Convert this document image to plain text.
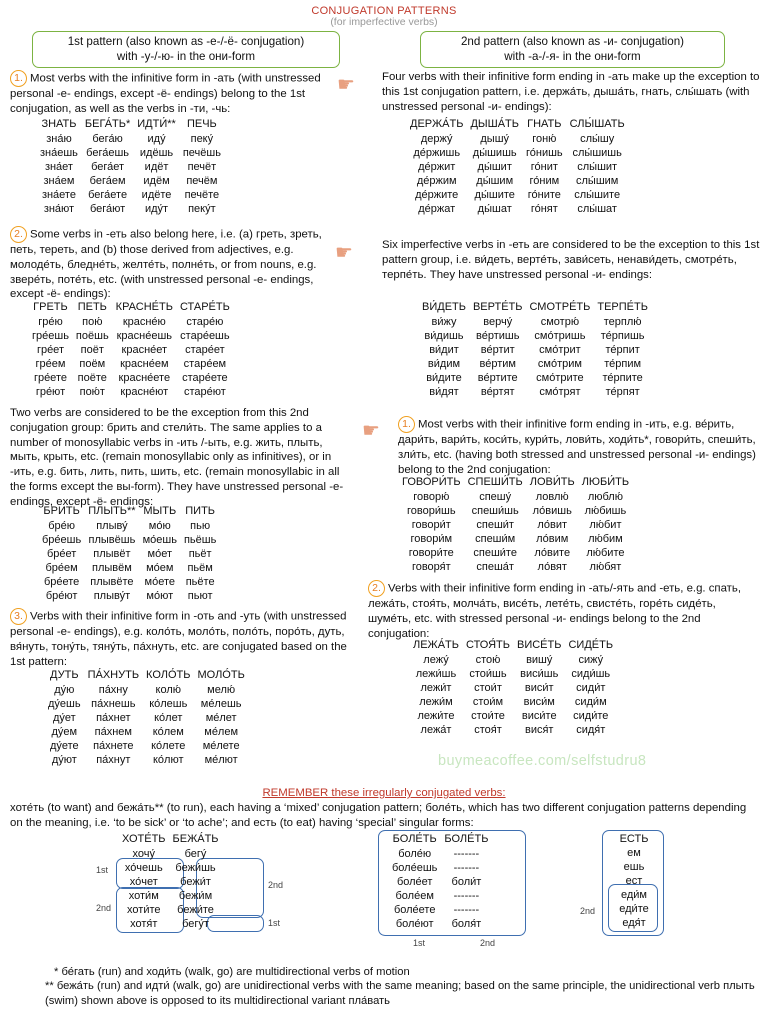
CONJUGATION PATTERNS
(for imperfective verbs)
1st pattern (also known as -е-/-ё- conjugation)
with -у-/-ю- in the они-form
2nd pattern (also known as -и- conjugation)
with -а-/-я- in the они-form
1. Most verbs with the infinitive form in -ать (with unstressed personal -е- endings, except -ё- endings) belong to the 1st conjugation, as well as the verbs in -ти, -чь:
☛
ЗНАТЬ	БЕГА́ТЬ*	ИДТИ́**	ПЕЧЬ
зна́ю	бега́ю	иду́	пеку́
зна́ешь	бега́ешь	идёшь	печёшь
зна́ет	бега́ет	идёт	печёт
зна́ем	бега́ем	идём	печём
зна́ете	бега́ете	идёте	печёте
зна́ют	бега́ют	иду́т	пеку́т
Four verbs with their infinitive form ending in -ать make up the exception to this 1st conjugation pattern, i.e. держа́ть, дыша́ть, гнать, слы́шать (with unstressed personal -и- endings):
ДЕРЖА́ТЬ	ДЫША́ТЬ	ГНАТЬ	СЛЫ́ШАТЬ
держу́	дышу́	гоню́	слы́шу
де́ржишь	ды́шишь	го́нишь	слы́шишь
де́ржит	ды́шит	го́нит	слы́шит
де́ржим	ды́шим	го́ним	слы́шим
де́ржите	ды́шите	го́ните	слы́шите
де́ржат	ды́шат	го́нят	слы́шат
2. Some verbs in -еть also belong here, i.e. (a) греть, зреть, петь, тереть, and (b) those derived from adjectives, e.g. молоде́ть, бледне́ть, желте́ть, полне́ть, or from nouns, e.g. звере́ть, поте́ть, etc. (with unstressed personal -е- endings, except -ё- endings):
☛
ГРЕТЬ	ПЕТЬ	КРАСНЕ́ТЬ	СТАРЕ́ТЬ
гре́ю	пою́	красне́ю	старе́ю
гре́ешь	поёшь	красне́ешь	старе́ешь
гре́ет	поёт	красне́ет	старе́ет
гре́ем	поём	красне́ем	старе́ем
гре́ете	поёте	красне́ете	старе́ете
гре́ют	пою́т	красне́ют	старе́ют
Six imperfective verbs in -еть are considered to be the exception to this 1st pattern group, i.e. ви́деть, верте́ть, зави́сеть, ненави́деть, смотре́ть, терпе́ть. They have unstressed personal -и- endings:
ВИ́ДЕТЬ	ВЕРТЕ́ТЬ	СМОТРЕ́ТЬ	ТЕРПЕ́ТЬ
ви́жу	верчу́	смотрю́	терплю́
ви́дишь	ве́ртишь	смо́тришь	те́рпишь
ви́дит	ве́ртит	смо́трит	те́рпит
ви́дим	ве́ртим	смо́трим	те́рпим
ви́дите	ве́ртите	смо́трите	те́рпите
ви́дят	ве́ртят	смо́трят	те́рпят
Two verbs are considered to be the exception from this 2nd conjugation group: брить and стели́ть. The same applies to a number of monosyllabic verbs in -ить /-ыть, e.g. жить, плыть, мыть, крыть, etc. (remain monosyllabic only as infinitives), or in -ить, e.g. бить, лить, пить, шить, etc. (remain monosyllabic in all the forms except the вы-form). They have unstressed personal -е- endings, except -ё- endings:
☛
БРИТЬ	ПЛЫТЬ**	МЫТЬ	ПИТЬ
бре́ю	плыву́	мо́ю	пью
бре́ешь	плывёшь	мо́ешь	пьёшь
бре́ет	плывёт	мо́ет	пьёт
бре́ем	плывём	мо́ем	пьём
бре́ете	плывёте	мо́ете	пьёте
бре́ют	плыву́т	мо́ют	пьют
1. Most verbs with their infinitive form ending in -ить, e.g. ве́рить, дари́ть, вари́ть, коси́ть, кури́ть, лови́ть, ходи́ть*, говори́ть, спеши́ть, зли́ть, etc. (having both stressed and unstressed personal -и- endings) belong to the 2nd conjugation:
ГОВОРИ́ТЬ	СПЕШИ́ТЬ	ЛОВИ́ТЬ	ЛЮБИ́ТЬ
говорю́	спешу́	ловлю́	люблю́
говори́шь	спеши́шь	ло́вишь	лю́бишь
говори́т	спеши́т	ло́вит	лю́бит
говори́м	спеши́м	ло́вим	лю́бим
говори́те	спеши́те	ло́вите	лю́бите
говоря́т	спеша́т	ло́вят	лю́бят
3. Verbs with their infinitive form in -оть and -уть (with unstressed personal -е- endings), e.g. коло́ть, моло́ть, поло́ть, поро́ть, дуть, вя́нуть, тону́ть, тяну́ть, па́хнуть, etc. are conjugated based on the 1st pattern:
ДУТЬ	ПА́ХНУТЬ	КОЛО́ТЬ	МОЛО́ТЬ
ду́ю	па́хну	колю́	мелю́
ду́ешь	па́хнешь	ко́лешь	ме́лешь
ду́ет	па́хнет	ко́лет	ме́лет
ду́ем	па́хнем	ко́лем	ме́лем
ду́ете	па́хнете	ко́лете	ме́лете
ду́ют	па́хнут	ко́лют	ме́лют
2. Verbs with their infinitive form ending in -ать/-ять and -еть, e.g. спать, лежа́ть, стоя́ть, молча́ть, висе́ть, лете́ть, свисте́ть, горе́ть сиде́ть, шуме́ть, etc. with stressed personal -и- endings belong to the 2nd conjugation:
ЛЕЖА́ТЬ	СТОЯ́ТЬ	ВИСЕ́ТЬ	СИДЕ́ТЬ
лежу́	стою́	вишу́	сижу́
лежи́шь	стои́шь	виси́шь	сиди́шь
лежи́т	стои́т	виси́т	сиди́т
лежи́м	стои́м	виси́м	сиди́м
лежи́те	стои́те	виси́те	сиди́те
лежа́т	стоя́т	вися́т	сидя́т
buymeacoffee.com/selfstudru8
REMEMBER these irregularly conjugated verbs:
хоте́ть (to want) and бежа́ть** (to run), each having a ‘mixed’ conjugation pattern; боле́ть, which has two different conjugation patterns depending on the meaning, i.e. ‘to be sick’ or ‘to ache’; and есть (to eat) having ‘special’ singular forms:
1st
2nd
2nd
1st
ХОТЕ́ТЬ	БЕЖА́ТЬ
хочу́	бегу́
хо́чешь	бежи́шь
хо́чет	бежи́т
хоти́м	бежи́м
хоти́те	бежи́те
хотя́т	бегу́т
1st	2nd
БОЛЕ́ТЬ	БОЛЕ́ТЬ
боле́ю	-------
боле́ешь	-------
боле́ет	боли́т
боле́ем	-------
боле́ете	-------
боле́ют	боля́т
2nd
ЕСТЬ
ем
ешь
ест
еди́м
еди́те
едя́т
* бе́гать (run) and ходи́ть (walk, go) are multidirectional verbs of motion
** бежа́ть (run) and идти́ (walk, go) are unidirectional verbs with the same meaning; based on the same principle, the unidirectional verb плыть (swim) shown above is opposed to its multidirectional variant пла́вать
